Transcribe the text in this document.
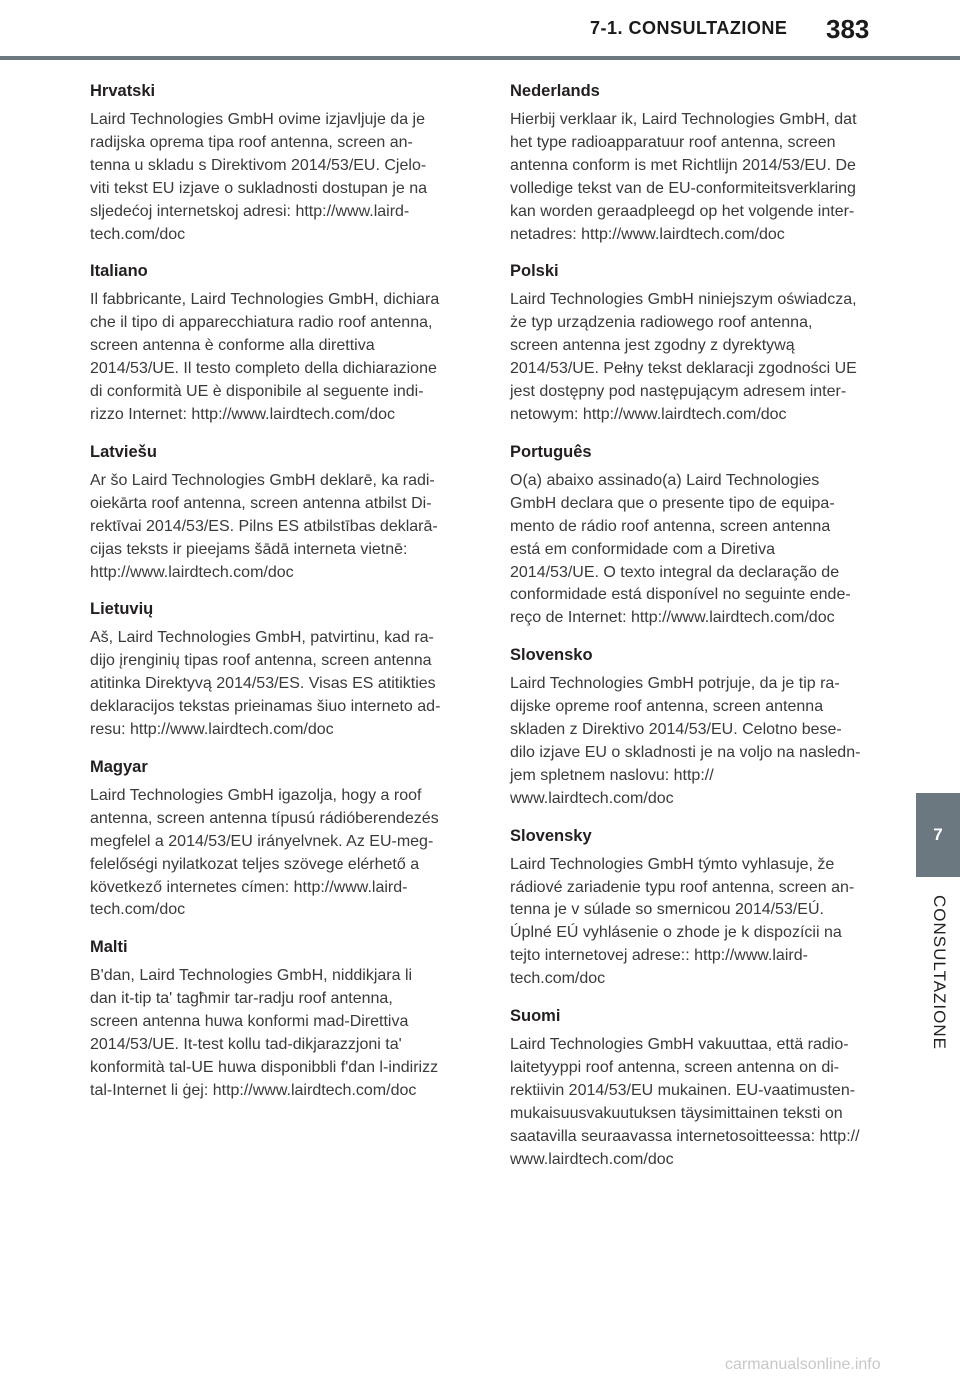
7-1. CONSULTAZIONE	383
Hrvatski

Laird Technologies GmbH ovime izjavljuje da je
radijska oprema tipa roof antenna, screen an-
tenna u skladu s Direktivom 2014/53/EU. Cjelo-
viti tekst EU izjave o sukladnosti dostupan je na
sljedećoj internetskoj adresi: http://www.laird-
tech.com/doc

Italiano

Il fabbricante, Laird Technologies GmbH, dichiara
che il tipo di apparecchiatura radio roof antenna,
screen antenna è conforme alla direttiva
2014/53/UE. Il testo completo della dichiarazione
di conformità UE è disponibile al seguente indi-
rizzo Internet: http://www.lairdtech.com/doc

Latviešu

Ar šo Laird Technologies GmbH deklarē, ka radi-
oiekārta roof antenna, screen antenna atbilst Di-
rektīvai 2014/53/ES. Pilns ES atbilstības deklarā-
cijas teksts ir pieejams šādā interneta vietnē:
http://www.lairdtech.com/doc

Lietuvių

Aš, Laird Technologies GmbH, patvirtinu, kad ra-
dijo įrenginių tipas roof antenna, screen antenna
atitinka Direktyvą 2014/53/ES. Visas ES atitikties
deklaracijos tekstas prieinamas šiuo interneto ad-
resu: http://www.lairdtech.com/doc

Magyar

Laird Technologies GmbH igazolja, hogy a roof
antenna, screen antenna típusú rádióberendezés
megfelel a 2014/53/EU irányelvnek. Az EU-meg-
felelőségi nyilatkozat teljes szövege elérhető a
következő internetes címen: http://www.laird-
tech.com/doc

Malti

B'dan, Laird Technologies GmbH, niddikjara li
dan it-tip ta' tagħmir tar-radju roof antenna,
screen antenna huwa konformi mad-Direttiva
2014/53/UE. It-test kollu tad-dikjarazzjoni ta'
konformità tal-UE huwa disponibbli f'dan l-indirizz
tal-Internet li ġej: http://www.lairdtech.com/doc

Nederlands

Hierbij verklaar ik, Laird Technologies GmbH, dat
het type radioapparatuur roof antenna, screen
antenna conform is met Richtlijn 2014/53/EU. De
volledige tekst van de EU-conformiteitsverklaring
kan worden geraadpleegd op het volgende inter-
netadres: http://www.lairdtech.com/doc

Polski

Laird Technologies GmbH niniejszym oświadcza,
że typ urządzenia radiowego roof antenna,
screen antenna jest zgodny z dyrektywą
2014/53/UE. Pełny tekst deklaracji zgodności UE
jest dostępny pod następującym adresem inter-
netowym: http://www.lairdtech.com/doc

Português

O(a) abaixo assinado(a) Laird Technologies
GmbH declara que o presente tipo de equipa-
mento de rádio roof antenna, screen antenna
está em conformidade com a Diretiva
2014/53/UE. O texto integral da declaração de
conformidade está disponível no seguinte ende-
reço de Internet: http://www.lairdtech.com/doc

Slovensko

Laird Technologies GmbH potrjuje, da je tip ra-
dijske opreme roof antenna, screen antenna
skladen z Direktivo 2014/53/EU. Celotno bese-
dilo izjave EU o skladnosti je na voljo na nasledn-
jem spletnem naslovu: http://
www.lairdtech.com/doc

Slovensky

Laird Technologies GmbH týmto vyhlasuje, že
rádiové zariadenie typu roof antenna, screen an-
tenna je v súlade so smernicou 2014/53/EÚ.
Úplné EÚ vyhlásenie o zhode je k dispozícii na
tejto internetovej adrese:: http://www.laird-
tech.com/doc

Suomi

Laird Technologies GmbH vakuuttaa, että radio-
laitetyyppi roof antenna, screen antenna on di-
rektiivin 2014/53/EU mukainen. EU-vaatimusten-
mukaisuusvakuutuksen täysimittainen teksti on
saatavilla seuraavassa internetosoitteessa: http://
www.lairdtech.com/doc

7
CONSULTAZIONE
carmanualsonline.info
